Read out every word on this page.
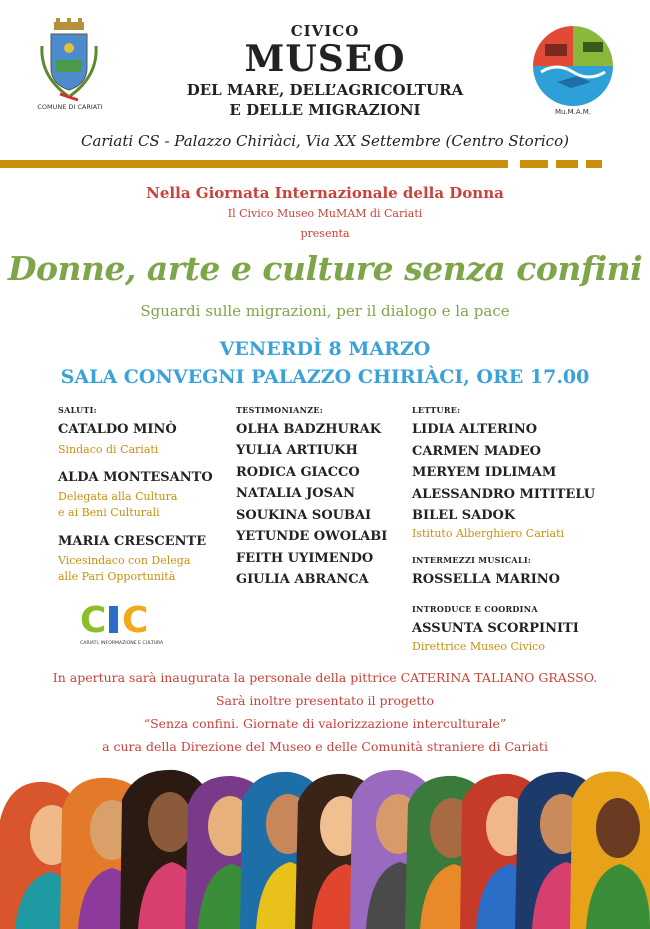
COMUNE DI CARIATI
CIVICO
MUSEO
DEL MARE, DELL’AGRICOLTURA
E DELLE MIGRAZIONI	Mu.M.A.M.
Cariati CS - Palazzo Chiriàci, Via XX Settembre (Centro Storico)
Nella Giornata Internazionale della Donna
Il Civico Museo MuMAM di Cariati
presenta
Donne, arte e culture senza confini
Sguardi sulle migrazioni, per il dialogo e la pace
VENERDÌ 8 MARZO
SALA CONVEGNI PALAZZO CHIRIÀCI, ORE 17.00
SALUTI:
CATALDO MINÒ
Sindaco di Cariati
ALDA MONTESANTO
Delegata alla Cultura
e ai Beni Culturali
MARIA CRESCENTE
Vicesindaco con Delega
alle Pari Opportunità
C C
CARIATI, INFORMAZIONE E CULTURA
TESTIMONIANZE:
OLHA BADZHURAK
YULIA ARTIUKH
RODICA GIACCO
NATALIA JOSAN
SOUKINA SOUBAI
YETUNDE OWOLABI
FEITH UYIMENDO
GIULIA ABRANCA
LETTURE:
LIDIA ALTERINO
CARMEN MADEO
MERYEM IDLIMAM
ALESSANDRO MITITELU
BILEL SADOK
Istituto Alberghiero Cariati
INTERMEZZI MUSICALI:
ROSSELLA MARINO
INTRODUCE E COORDINA
ASSUNTA SCORPINITI
Direttrice Museo Civico
In apertura sarà inaugurata la personale della pittrice CATERINA TALIANO GRASSO.
Sarà inoltre presentato il progetto
“Senza confini. Giornate di valorizzazione interculturale”
a cura della Direzione del Museo e delle Comunità straniere di Cariati
